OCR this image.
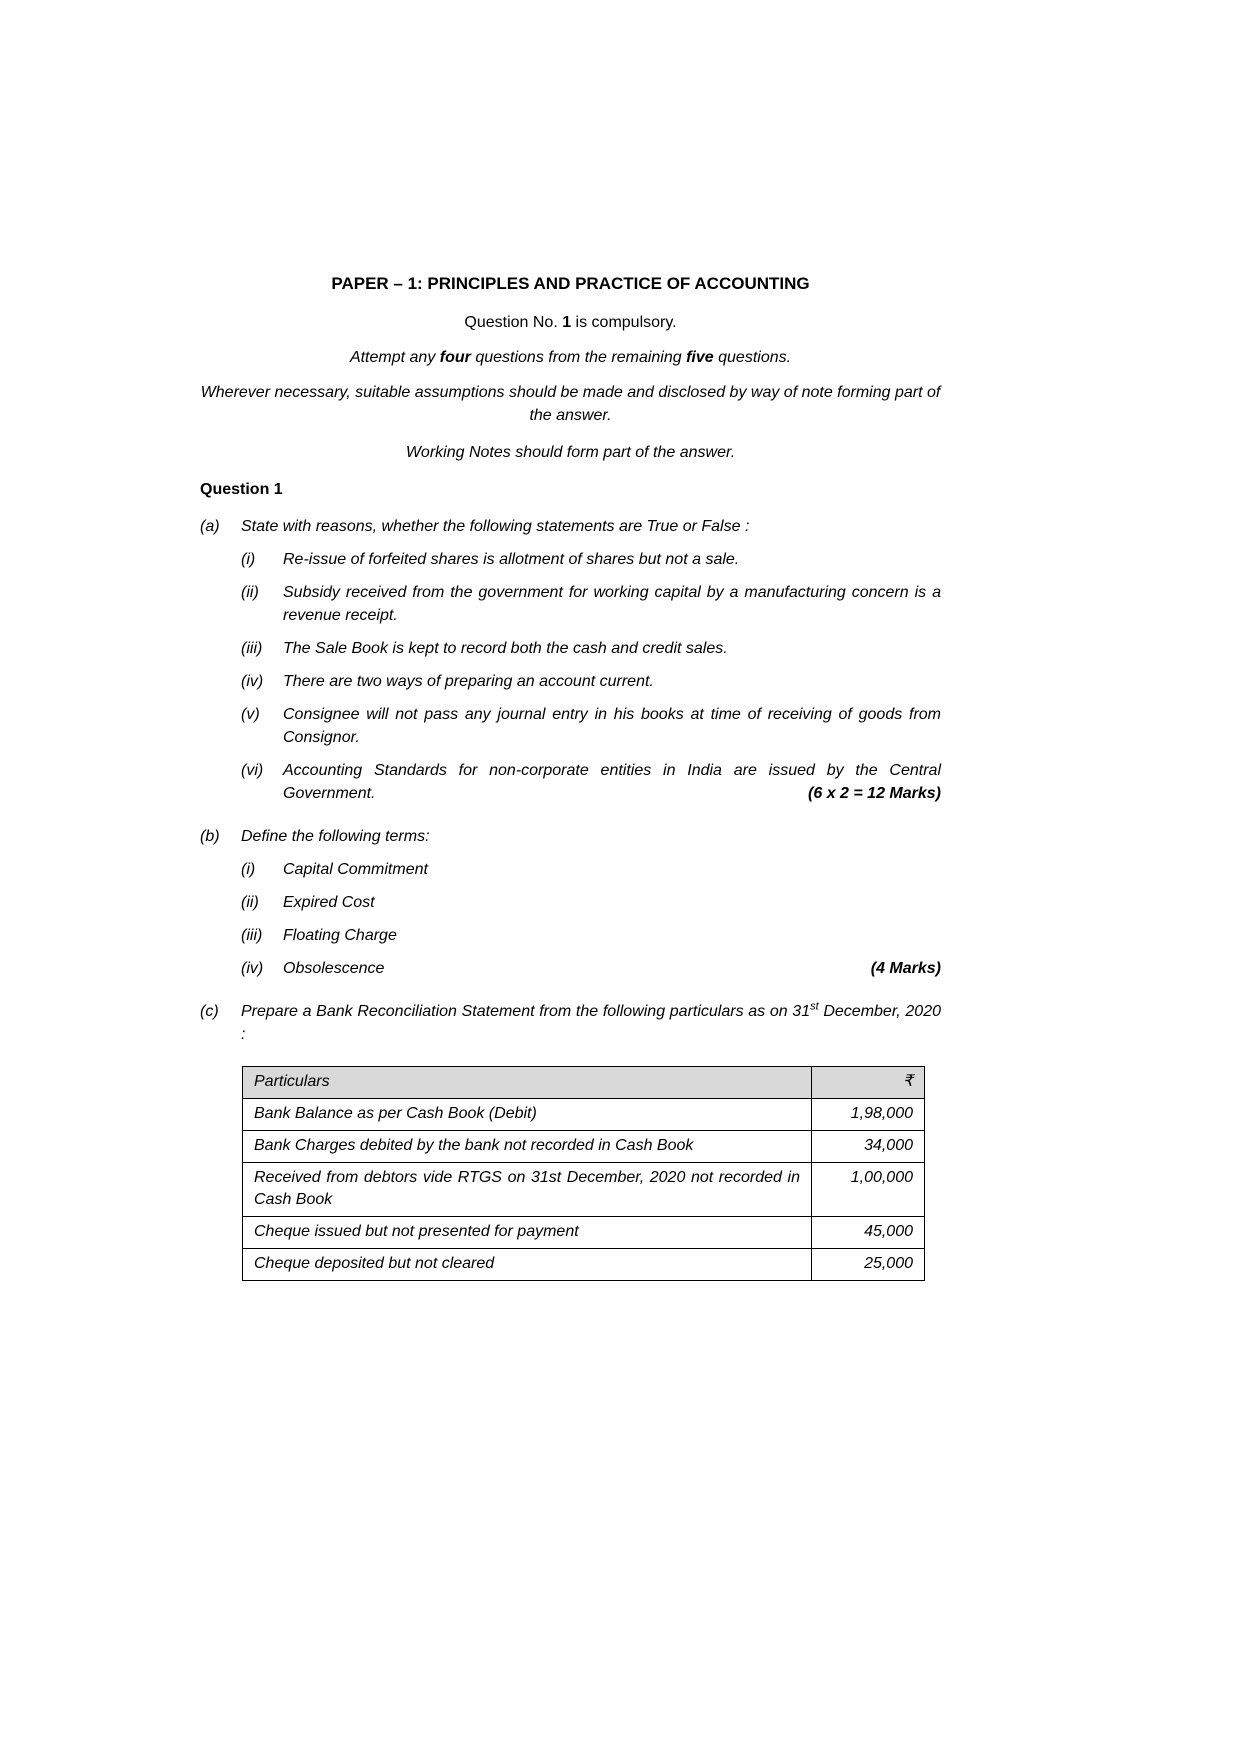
PAPER – 1: PRINCIPLES AND PRACTICE OF ACCOUNTING
Question No. 1 is compulsory.
Attempt any four questions from the remaining five questions.
Wherever necessary, suitable assumptions should be made and disclosed by way of note forming part of the answer.
Working Notes should form part of the answer.
Question 1
(a)	State with reasons, whether the following statements are True or False :
(i)	Re-issue of forfeited shares is allotment of shares but not a sale.
(ii)	Subsidy received from the government for working capital by a manufacturing concern is a revenue receipt.
(iii)	The Sale Book is kept to record both the cash and credit sales.
(iv)	There are two ways of preparing an account current.
(v)	Consignee will not pass any journal entry in his books at time of receiving of goods from Consignor.
(vi)	Accounting Standards for non-corporate entities in India are issued by the Central Government.	(6 x 2 = 12 Marks)
(b)	Define the following terms:
(i)	Capital Commitment
(ii)	Expired Cost
(iii)	Floating Charge
(iv)	Obsolescence	(4 Marks)
(c)	Prepare a Bank Reconciliation Statement from the following particulars as on 31st December, 2020 :
Particulars	₹
Bank Balance as per Cash Book (Debit)	1,98,000
Bank Charges debited by the bank not recorded in Cash Book	34,000
Received from debtors vide RTGS on 31st December, 2020 not recorded in Cash Book	1,00,000
Cheque issued but not presented for payment	45,000
Cheque deposited but not cleared	25,000
